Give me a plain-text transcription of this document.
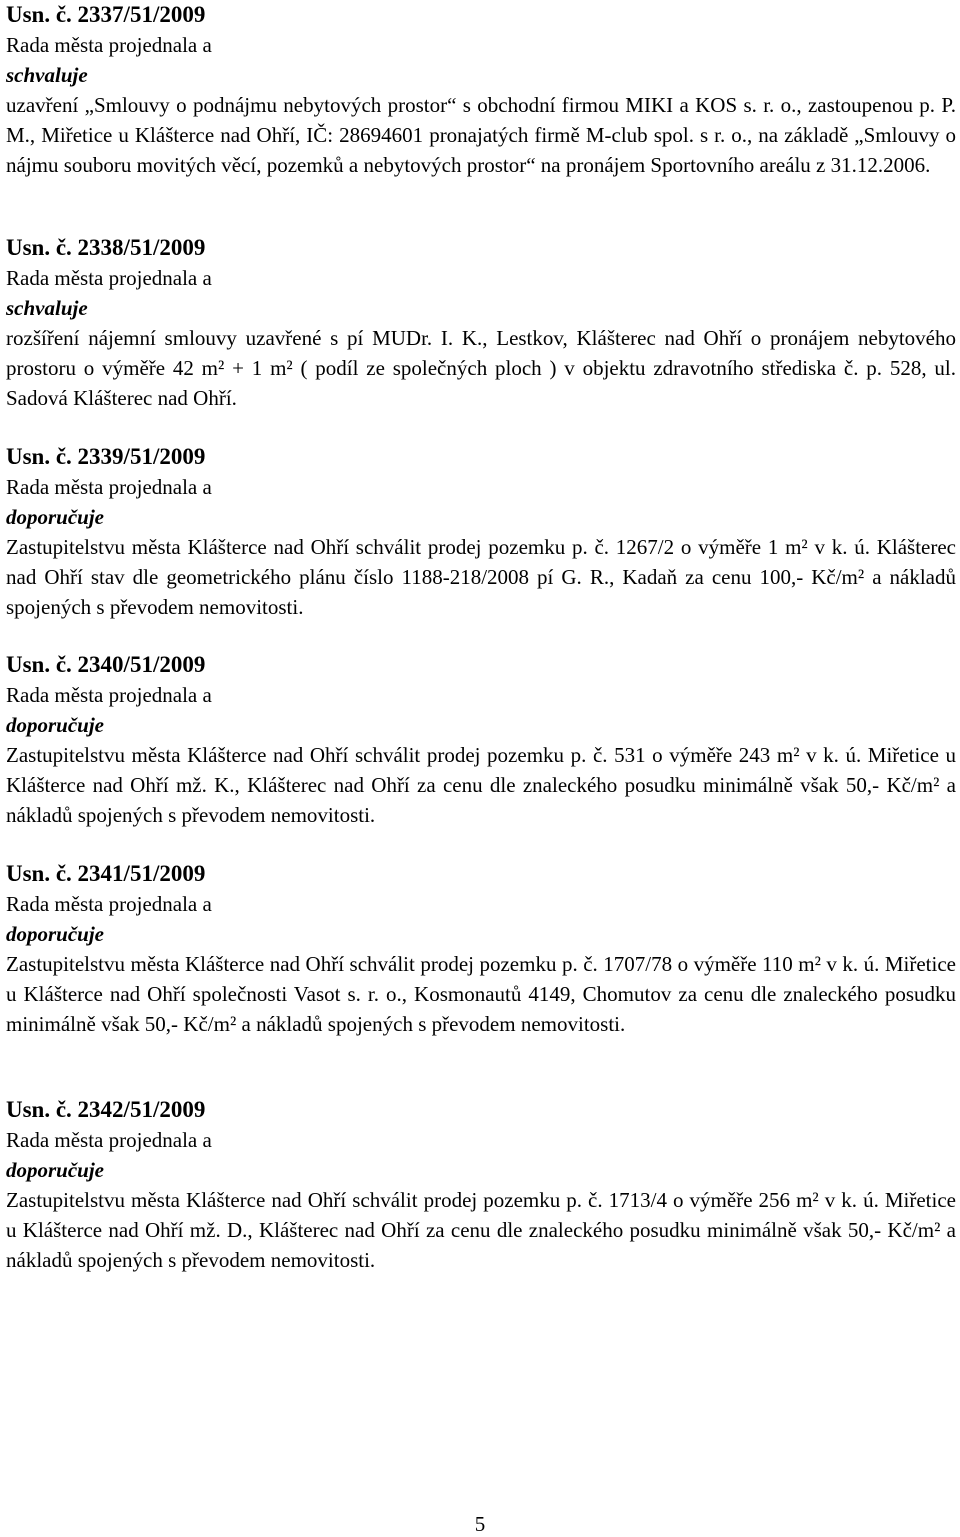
Usn. č. 2337/51/2009
Rada města projednala a
schvaluje
uzavření „Smlouvy o podnájmu nebytových prostor“ s obchodní firmou MIKI a KOS s. r. o., zastoupenou p. P. M., Miřetice u Klášterce nad Ohří, IČ: 28694601 pronajatých firmě M-club spol. s r. o., na základě „Smlouvy o nájmu souboru movitých věcí, pozemků a nebytových prostor“ na pronájem Sportovního areálu z 31.12.2006.
Usn. č. 2338/51/2009
Rada města projednala a
schvaluje
rozšíření nájemní smlouvy uzavřené s pí MUDr. I. K., Lestkov, Klášterec nad Ohří o pronájem nebytového prostoru o výměře 42 m² + 1 m² ( podíl ze společných ploch ) v objektu zdravotního střediska č. p. 528, ul. Sadová Klášterec nad Ohří.
Usn. č. 2339/51/2009
Rada města projednala a
doporučuje
Zastupitelstvu města Klášterce nad Ohří schválit prodej pozemku p. č. 1267/2 o výměře 1 m² v k. ú. Klášterec nad Ohří stav dle geometrického plánu číslo 1188-218/2008 pí G. R., Kadaň za cenu 100,- Kč/m² a nákladů spojených s převodem nemovitosti.
Usn. č. 2340/51/2009
Rada města projednala a
doporučuje
Zastupitelstvu města Klášterce nad Ohří schválit prodej pozemku p. č. 531 o výměře 243 m² v k. ú. Miřetice u Klášterce nad Ohří mž. K., Klášterec nad Ohří za cenu dle znaleckého posudku minimálně však 50,- Kč/m² a nákladů spojených s převodem nemovitosti.
Usn. č. 2341/51/2009
Rada města projednala a
doporučuje
Zastupitelstvu města Klášterce nad Ohří schválit prodej pozemku p. č. 1707/78 o výměře 110 m² v k. ú. Miřetice u Klášterce nad Ohří společnosti Vasot s. r. o., Kosmonautů 4149, Chomutov za cenu dle znaleckého posudku minimálně však 50,- Kč/m² a nákladů spojených s převodem nemovitosti.
Usn. č. 2342/51/2009
Rada města projednala a
doporučuje
Zastupitelstvu města Klášterce nad Ohří schválit prodej pozemku p. č. 1713/4 o výměře 256 m² v k. ú. Miřetice u Klášterce nad Ohří mž. D., Klášterec nad Ohří za cenu dle znaleckého posudku minimálně však 50,- Kč/m² a nákladů spojených s převodem nemovitosti.
5
